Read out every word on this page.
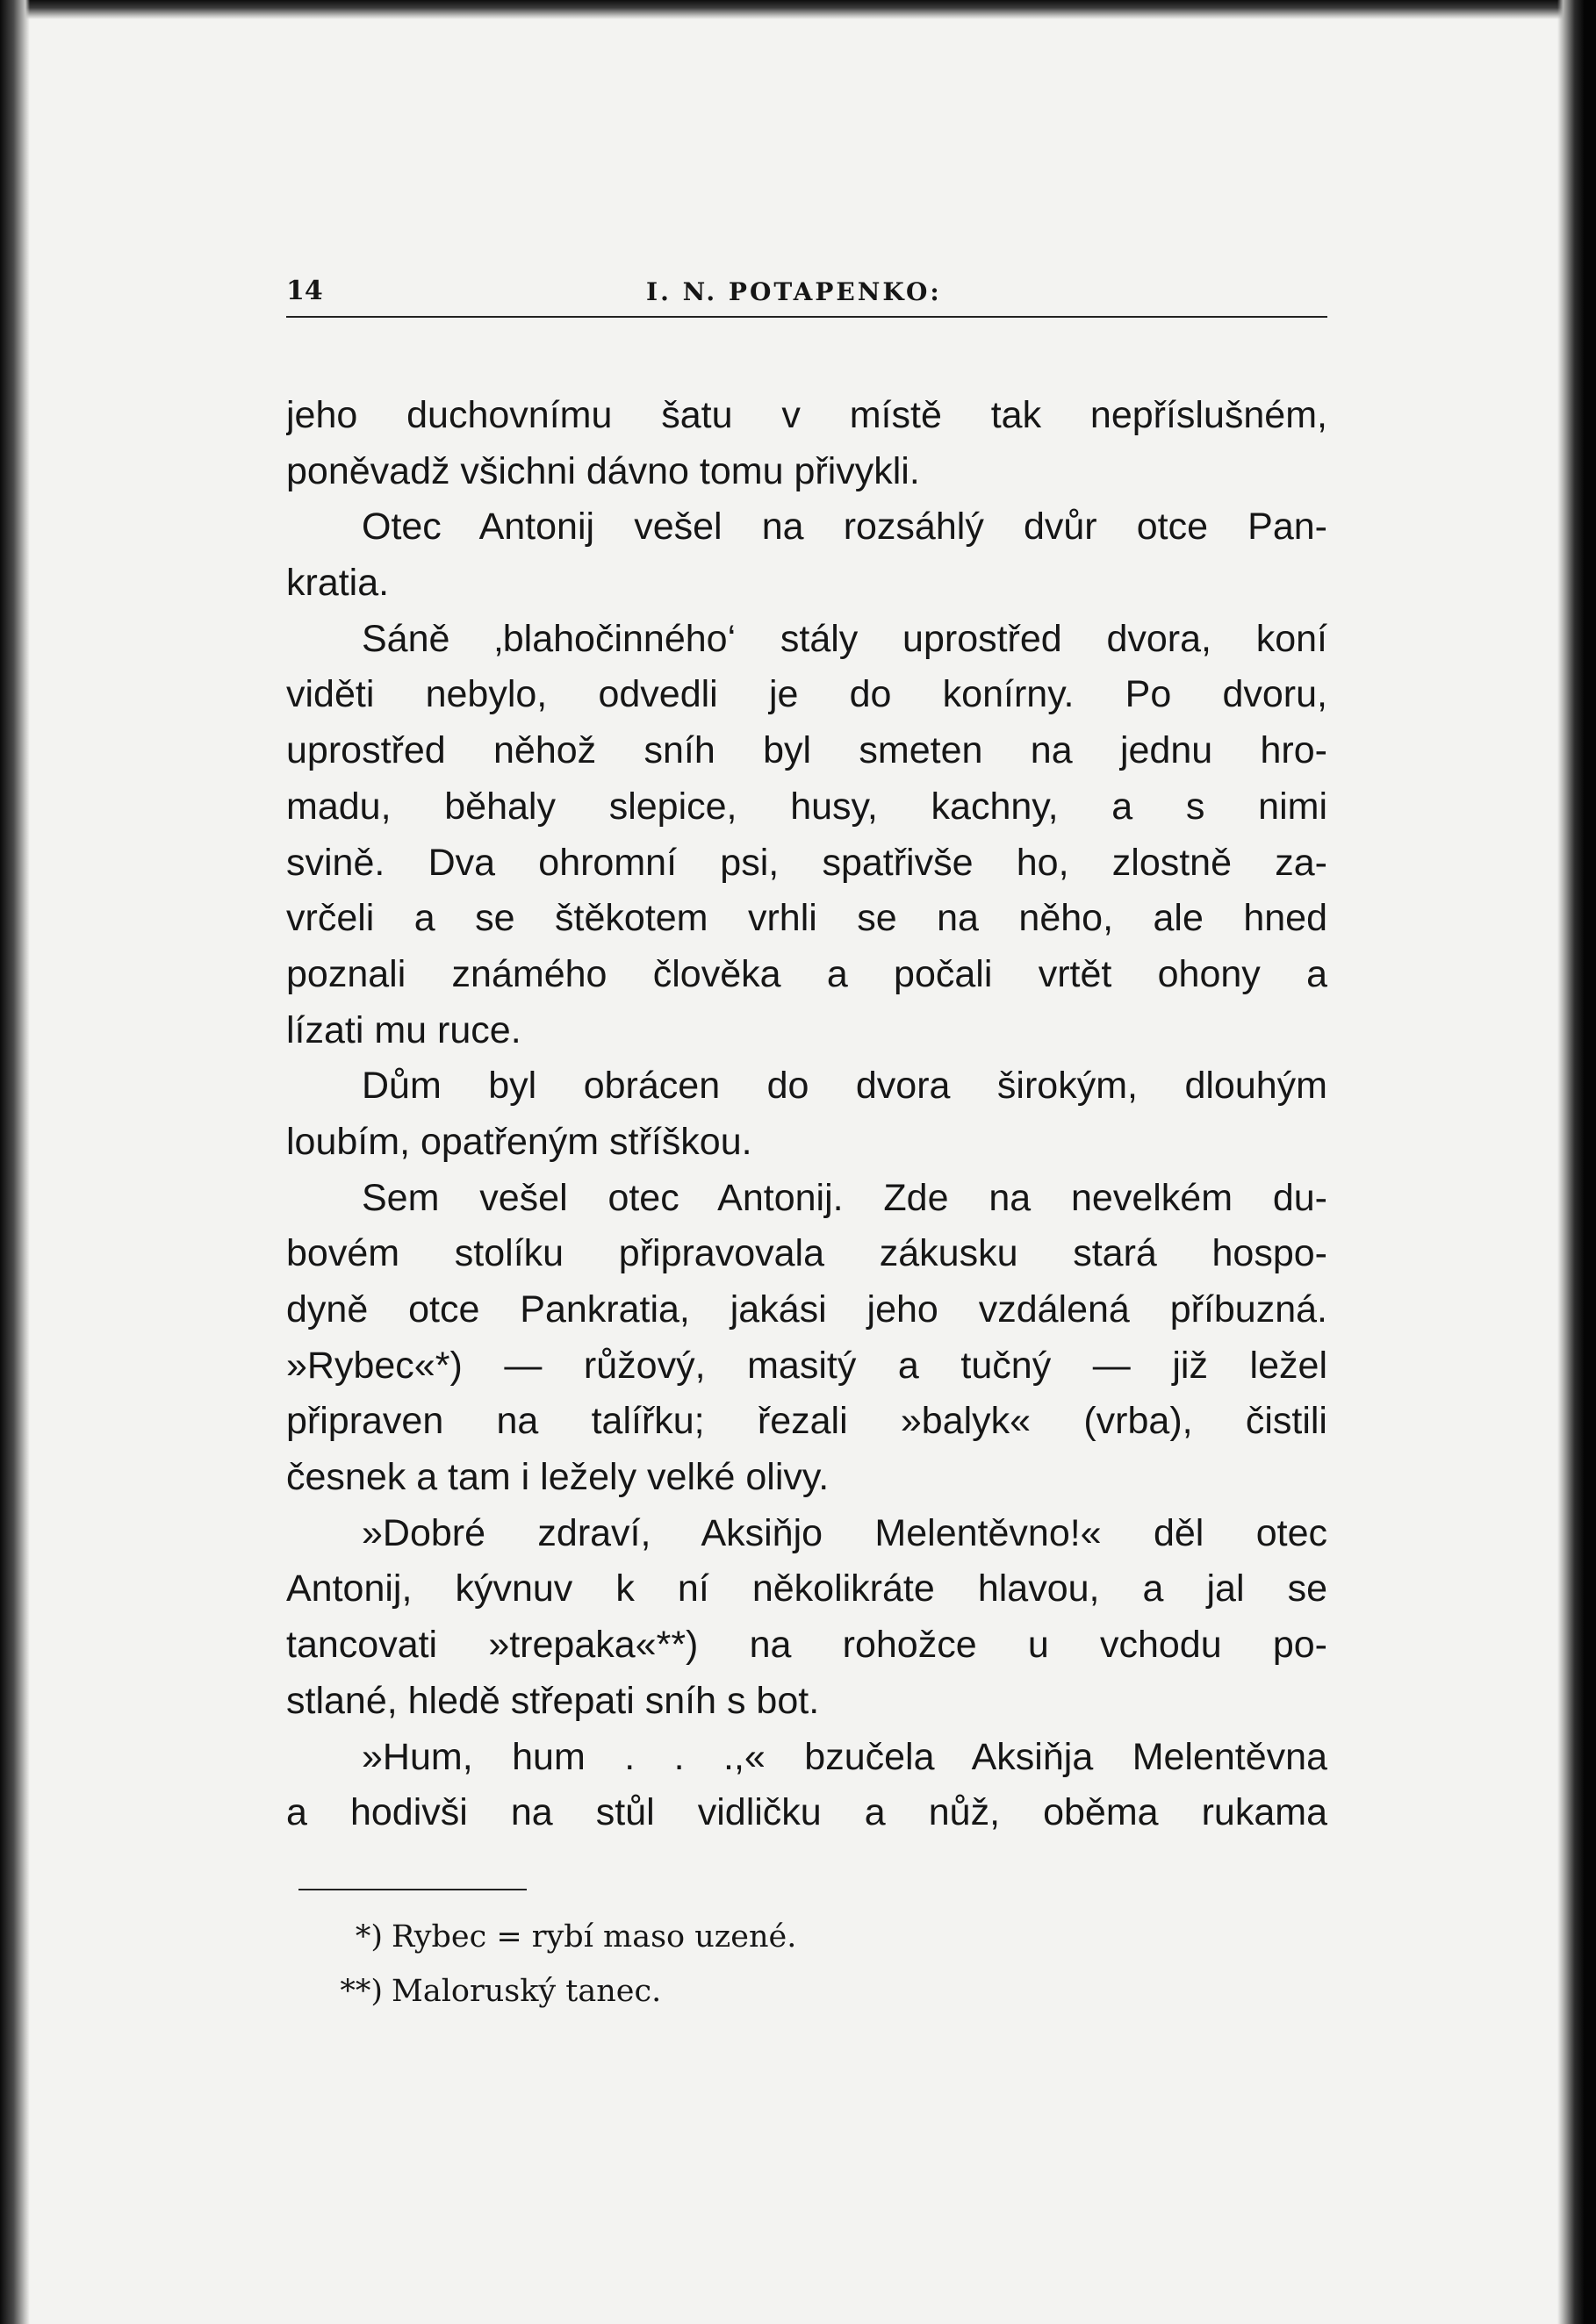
14	I. N. POTAPENKO:
jeho duchovnímu šatu v místě tak nepříslušném,
poněvadž všichni dávno tomu přivykli.
Otec Antonij vešel na rozsáhlý dvůr otce Pan-
kratia.
Sáně ‚blahočinného‘ stály uprostřed dvora, koní
viděti nebylo, odvedli je do konírny. Po dvoru,
uprostřed něhož sníh byl smeten na jednu hro-
madu, běhaly slepice, husy, kachny, a s nimi
svině. Dva ohromní psi, spatřivše ho, zlostně za-
vrčeli a se štěkotem vrhli se na něho, ale hned
poznali známého člověka a počali vrtět ohony a
lízati mu ruce.
Dům byl obrácen do dvora širokým, dlouhým
loubím, opatřeným stříškou.
Sem vešel otec Antonij. Zde na nevelkém du-
bovém stolíku připravovala zákusku stará hospo-
dyně otce Pankratia, jakási jeho vzdálená příbuzná.
»Rybec«*) — růžový, masitý a tučný — již ležel
připraven na talířku; řezali »balyk« (vrba), čistili
česnek a tam i ležely velké olivy.
»Dobré zdraví, Aksiňjo Melentěvno!« děl otec
Antonij, kývnuv k ní několikráte hlavou, a jal se
tancovati »trepaka«**) na rohožce u vchodu po-
stlané, hledě střepati sníh s bot.
»Hum, hum . . .,« bzučela Aksiňja Melentěvna
a hodivši na stůl vidličku a nůž, oběma rukama
*) Rybec = rybí maso uzené.
**) Maloruský tanec.
